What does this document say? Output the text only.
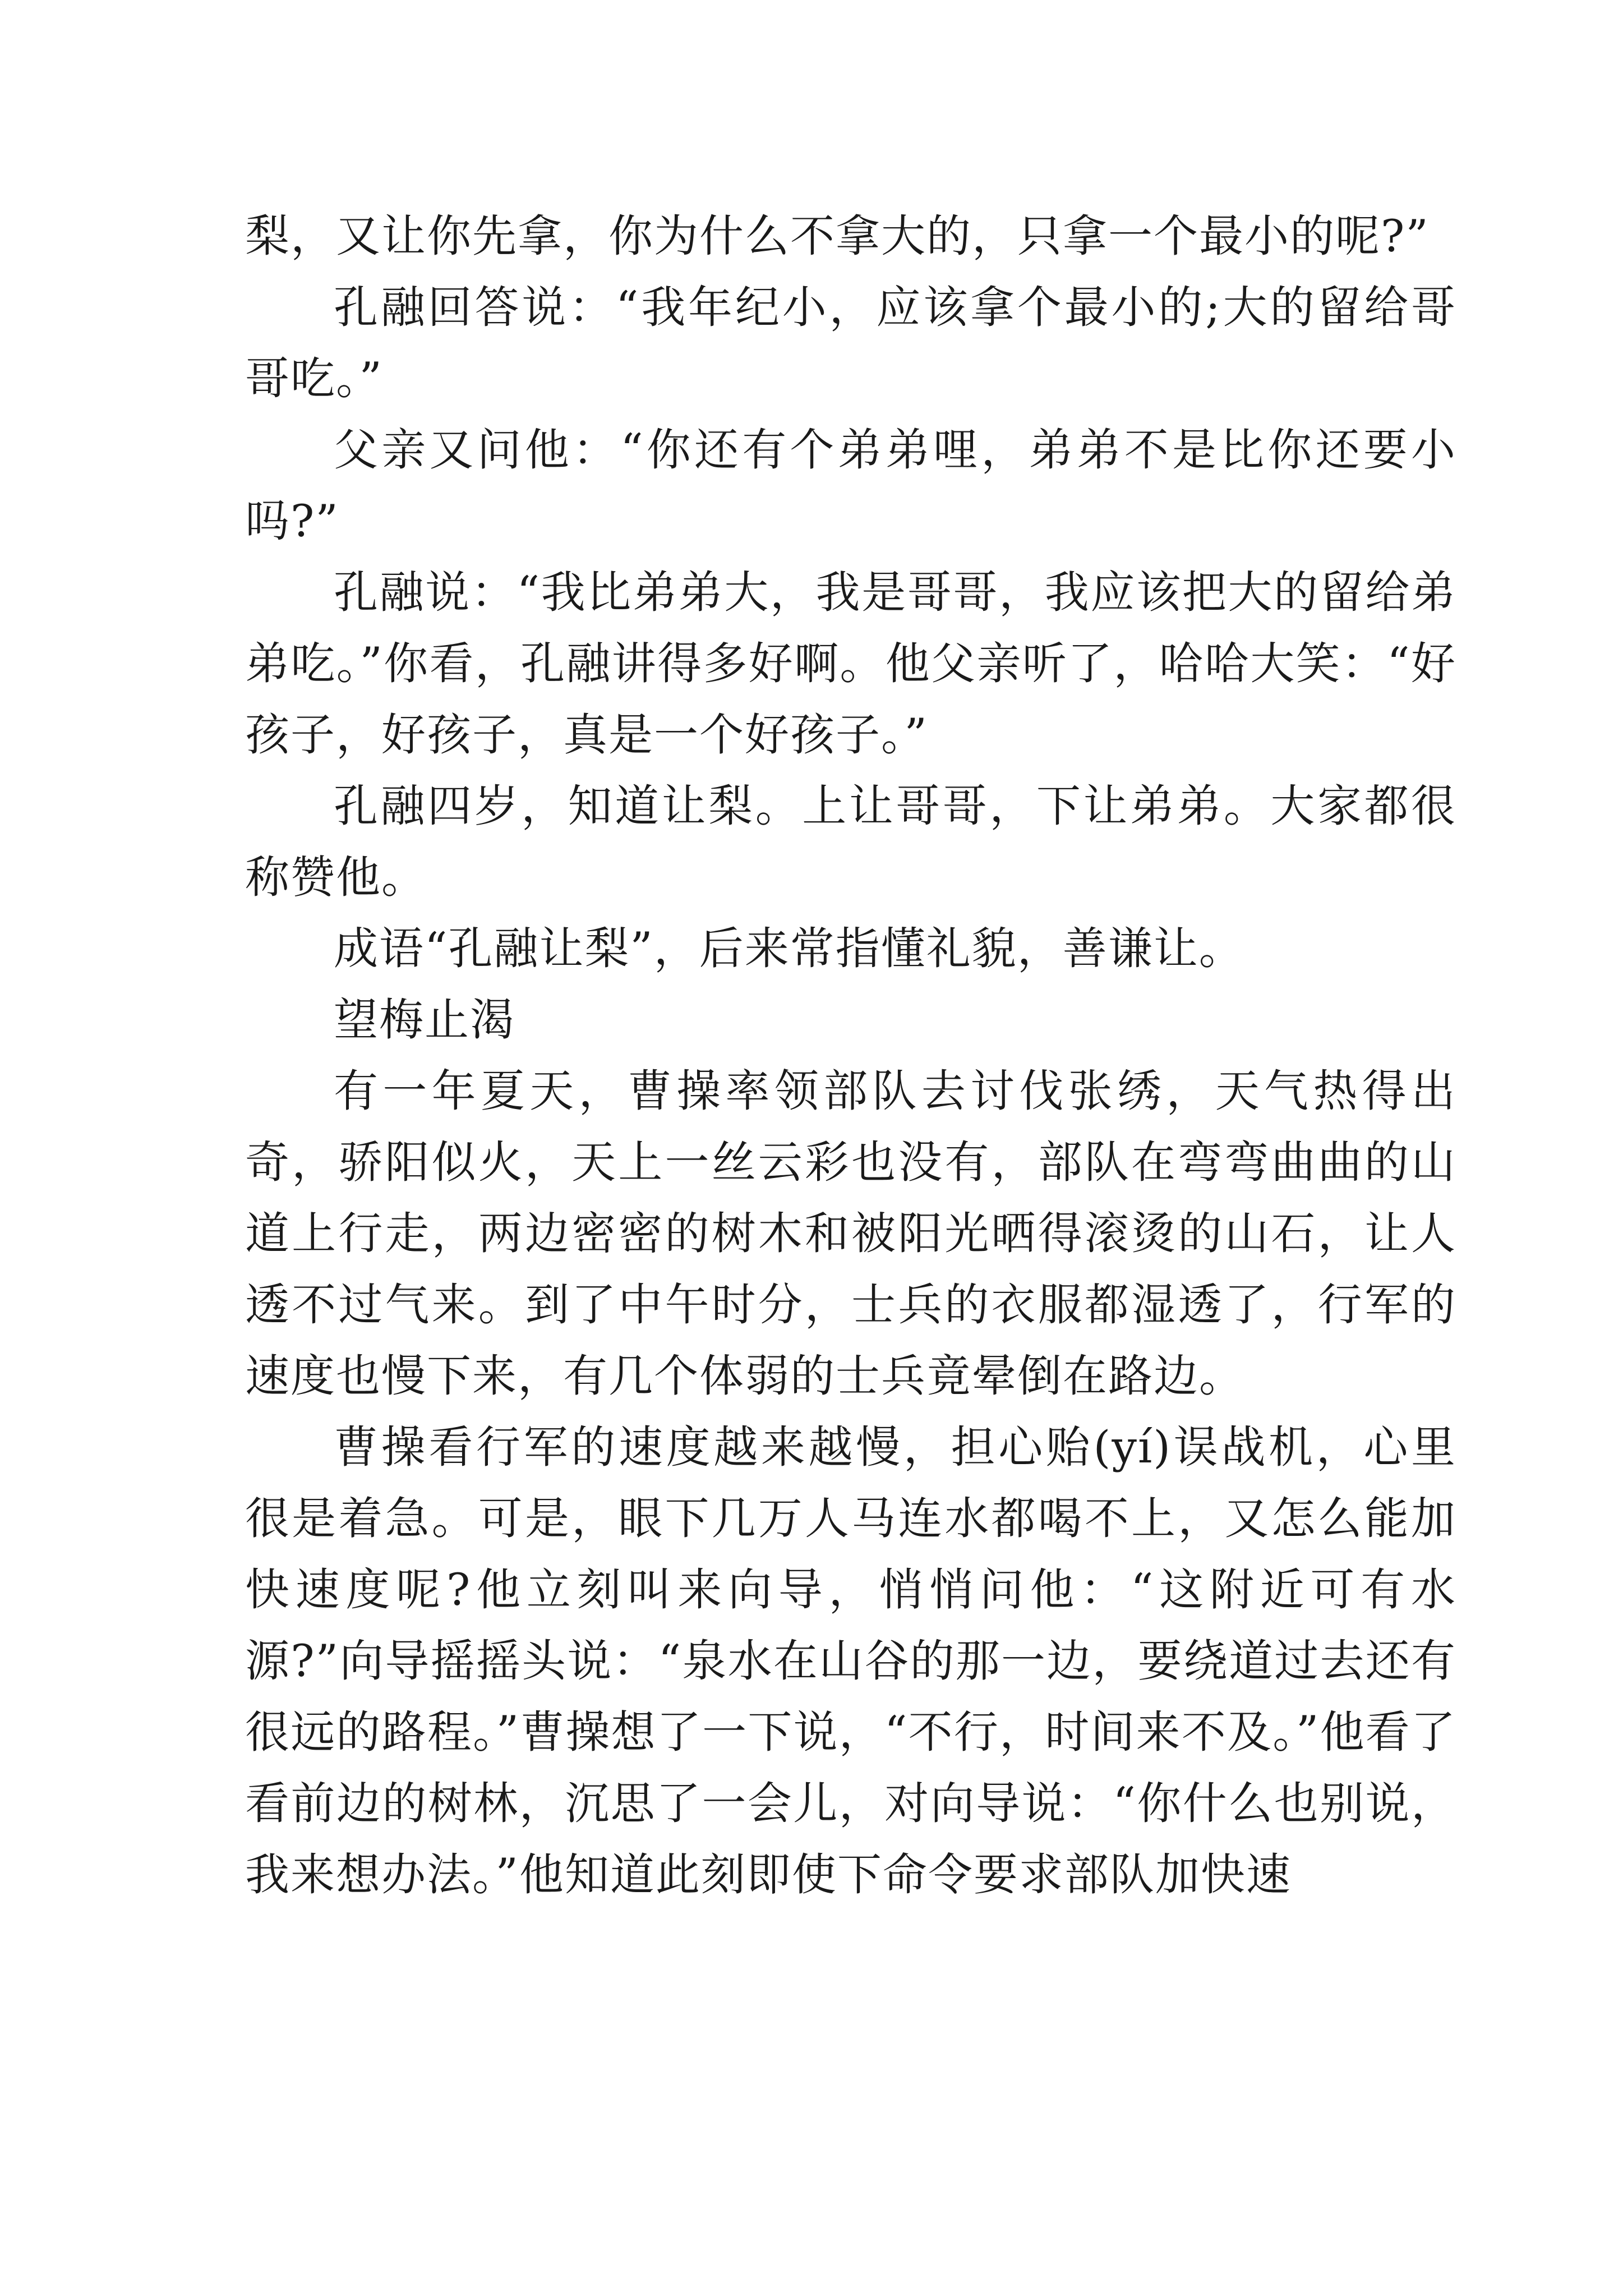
梨，又让你先拿，你为什么不拿大的，只拿一个最小的呢?”

孔融回答说：“我年纪小，应该拿个最小的;大的留给哥哥吃。”

父亲又问他：“你还有个弟弟哩，弟弟不是比你还要小吗?”

孔融说：“我比弟弟大，我是哥哥，我应该把大的留给弟弟吃。”你看，孔融讲得多好啊。他父亲听了，哈哈大笑：“好孩子，好孩子，真是一个好孩子。”

孔融四岁，知道让梨。上让哥哥，下让弟弟。大家都很称赞他。

成语“孔融让梨”，后来常指懂礼貌，善谦让。

望梅止渴

有一年夏天，曹操率领部队去讨伐张绣，天气热得出奇，骄阳似火，天上一丝云彩也没有，部队在弯弯曲曲的山道上行走，两边密密的树木和被阳光晒得滚烫的山石，让人透不过气来。到了中午时分，士兵的衣服都湿透了，行军的速度也慢下来，有几个体弱的士兵竟晕倒在路边。

曹操看行军的速度越来越慢，担心贻(yí)误战机，心里很是着急。可是，眼下几万人马连水都喝不上，又怎么能加快速度呢?他立刻叫来向导，悄悄问他：“这附近可有水源?”向导摇摇头说：“泉水在山谷的那一边，要绕道过去还有很远的路程。”曹操想了一下说，“不行，时间来不及。”他看了看前边的树林，沉思了一会儿，对向导说：“你什么也别说，我来想办法。”他知道此刻即使下命令要求部队加快速
